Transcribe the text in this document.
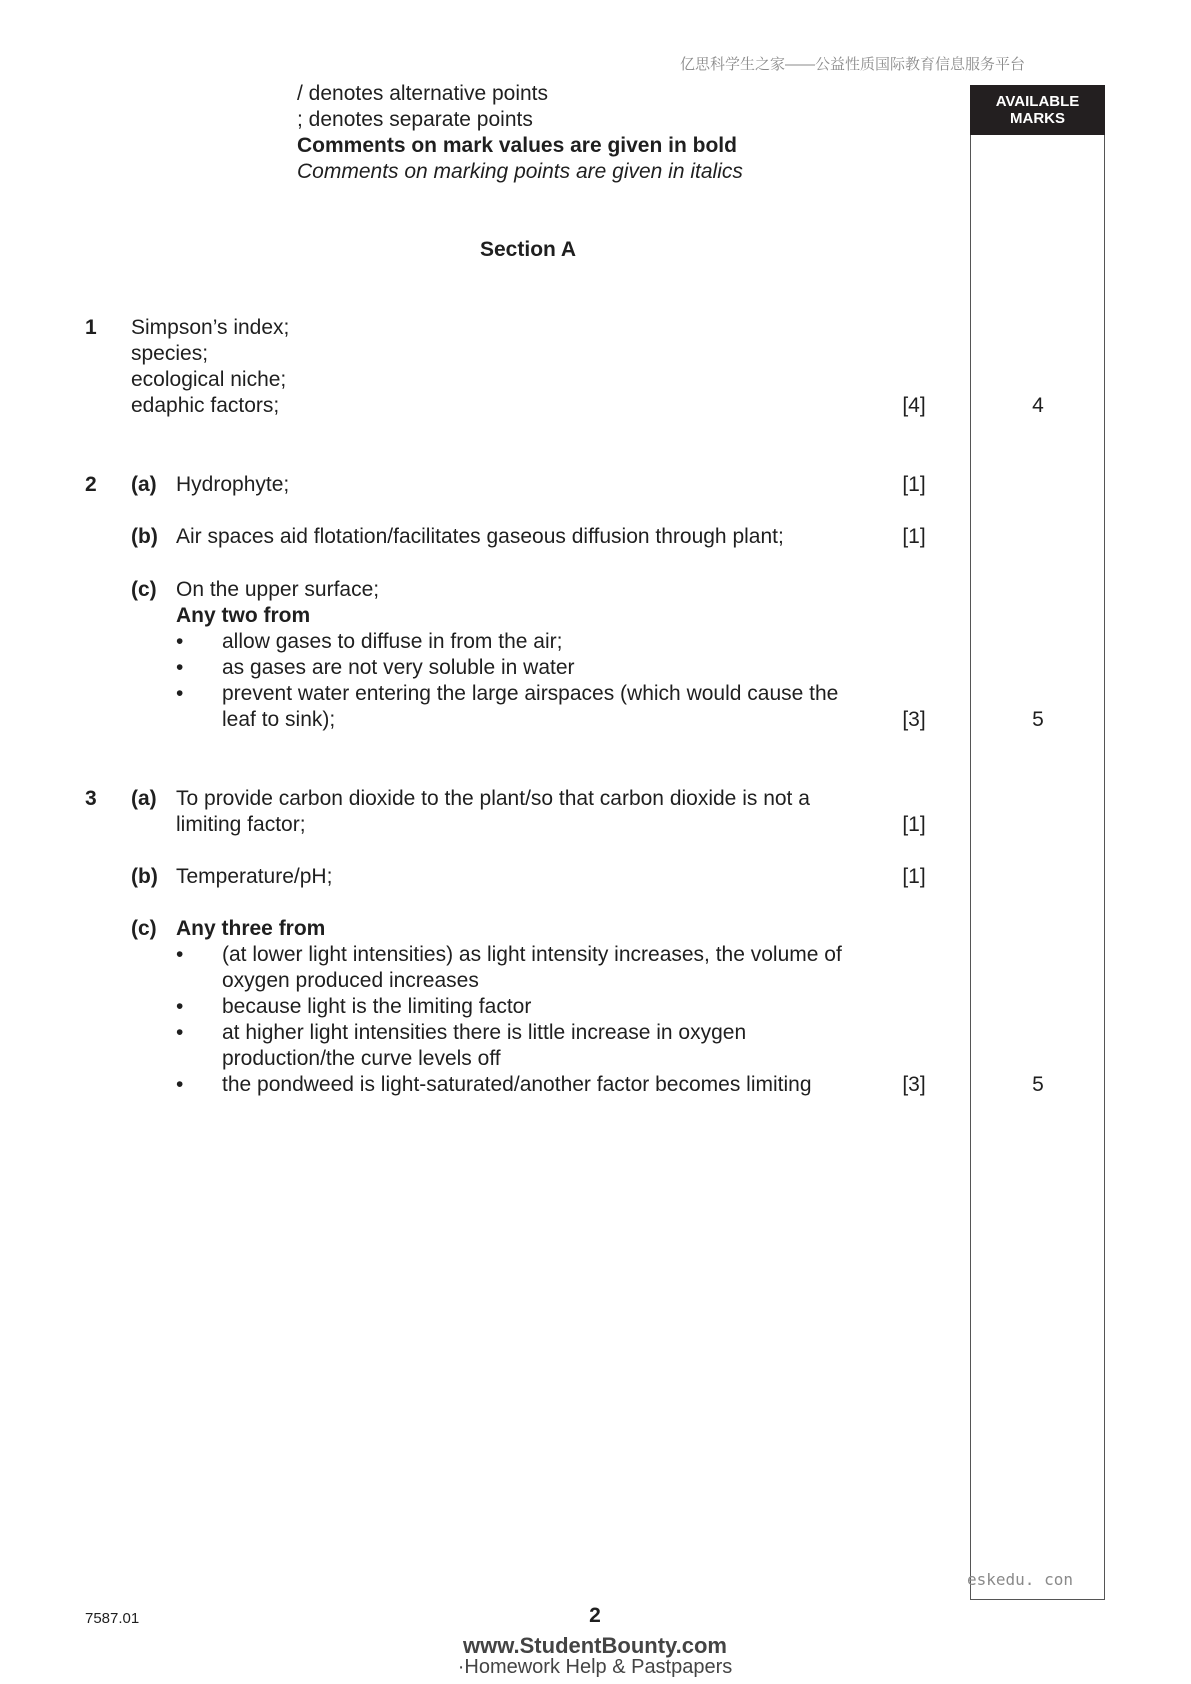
亿思科学生之家——公益性质国际教育信息服务平台
AVAILABLE
MARKS
/ denotes alternative points
; denotes separate points
Comments on mark values are given in bold
Comments on marking points are given in italics
Section A
1 Simpson’s index;
species;
ecological niche;
edaphic factors;	[4]	4
2 (a) Hydrophyte;	[1]
(b) Air spaces aid flotation/facilitates gaseous diffusion through plant;	[1]
(c) On the upper surface;
Any two from
• allow gases to diffuse in from the air;
• as gases are not very soluble in water
• prevent water entering the large airspaces (which would cause the
leaf to sink);	[3]	5
3 (a) To provide carbon dioxide to the plant/so that carbon dioxide is not a
limiting factor;	[1]
(b) Temperature/pH;	[1]
(c) Any three from
• (at lower light intensities) as light intensity increases, the volume of
oxygen produced increases
• because light is the limiting factor
• at higher light intensities there is little increase in oxygen
production/the curve levels off
• the pondweed is light-saturated/another factor becomes limiting	[3]	5
eskedu. con
7587.01	2
www.StudentBounty.com
·Homework Help & Pastpapers
